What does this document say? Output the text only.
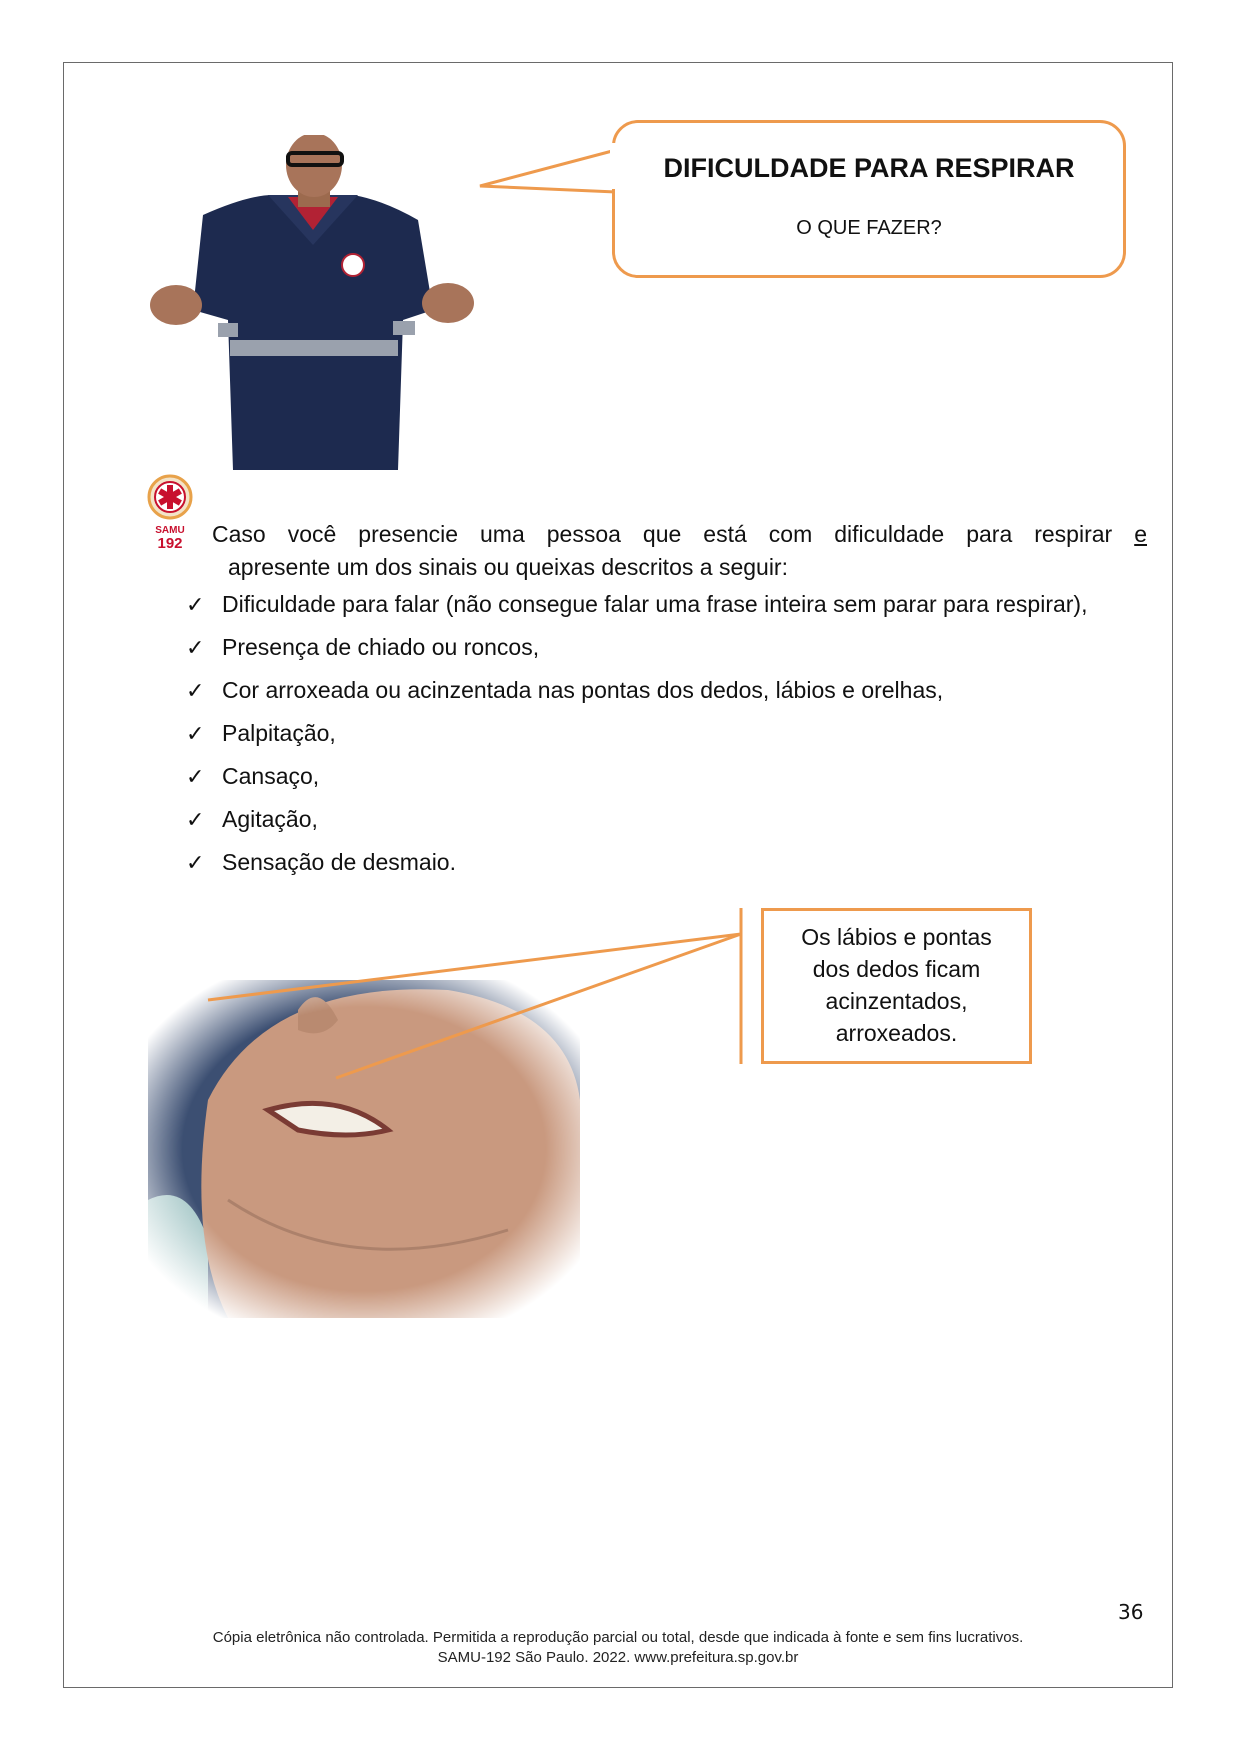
DIFICULDADE PARA RESPIRAR
O QUE FAZER?
SAMU
192	Caso você presencie uma pessoa que está com dificuldade para respirar e
apresente um dos sinais ou queixas descritos a seguir:
✓ Dificuldade para falar (não consegue falar uma frase inteira sem parar para respirar),
✓ Presença de chiado ou roncos,
✓ Cor arroxeada ou acinzentada nas pontas dos dedos, lábios e orelhas,
✓ Palpitação,
✓ Cansaço,
✓ Agitação,
✓ Sensação de desmaio.
Os lábios e pontas
dos dedos ficam
acinzentados,
arroxeados.
36
Cópia eletrônica não controlada. Permitida a reprodução parcial ou total, desde que indicada à fonte e sem fins lucrativos.
SAMU-192 São Paulo. 2022. www.prefeitura.sp.gov.br
